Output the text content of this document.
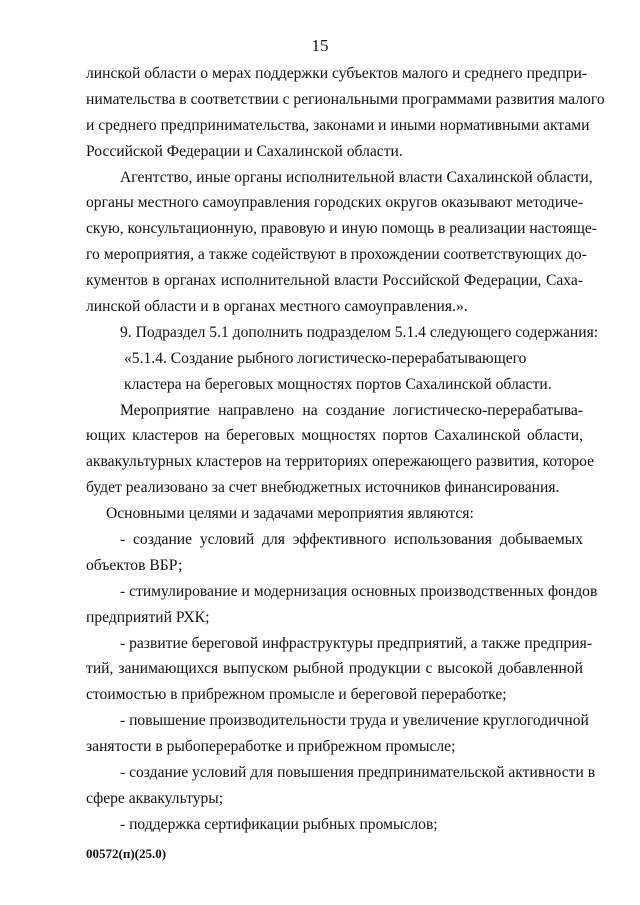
15
линской области о мерах поддержки субъектов малого и среднего предпри-
нимательства в соответствии с региональными программами развития малого
и среднего предпринимательства, законами и иными нормативными актами
Российской Федерации и Сахалинской области.
Агентство, иные органы исполнительной власти Сахалинской области,
органы местного самоуправления городских округов оказывают методиче-
скую, консультационную, правовую и иную помощь в реализации настояще-
го мероприятия, а также содействуют в прохождении соответствующих до-
кументов в органах исполнительной власти Российской Федерации, Саха-
линской области и в органах местного самоуправления.».
9. Подраздел 5.1 дополнить подразделом 5.1.4 следующего содержания:
«5.1.4. Создание рыбного логистическо-перерабатывающего
кластера на береговых мощностях портов Сахалинской области.
Мероприятие направлено на создание логистическо-перерабатыва-
ющих кластеров на береговых мощностях портов Сахалинской области,
аквакультурных кластеров на территориях опережающего развития, которое
будет реализовано за счет внебюджетных источников финансирования.
Основными целями и задачами мероприятия являются:
- создание условий для эффективного использования добываемых
объектов ВБР;
- стимулирование и модернизация основных производственных фондов
предприятий РХК;
- развитие береговой инфраструктуры предприятий, а также предприя-
тий, занимающихся выпуском рыбной продукции с высокой добавленной
стоимостью в прибрежном промысле и береговой переработке;
- повышение производительности труда и увеличение круглогодичной
занятости в рыбопереработке и прибрежном промысле;
- создание условий для повышения предпринимательской активности в
сфере аквакультуры;
- поддержка сертификации рыбных промыслов;
00572(п)(25.0)
